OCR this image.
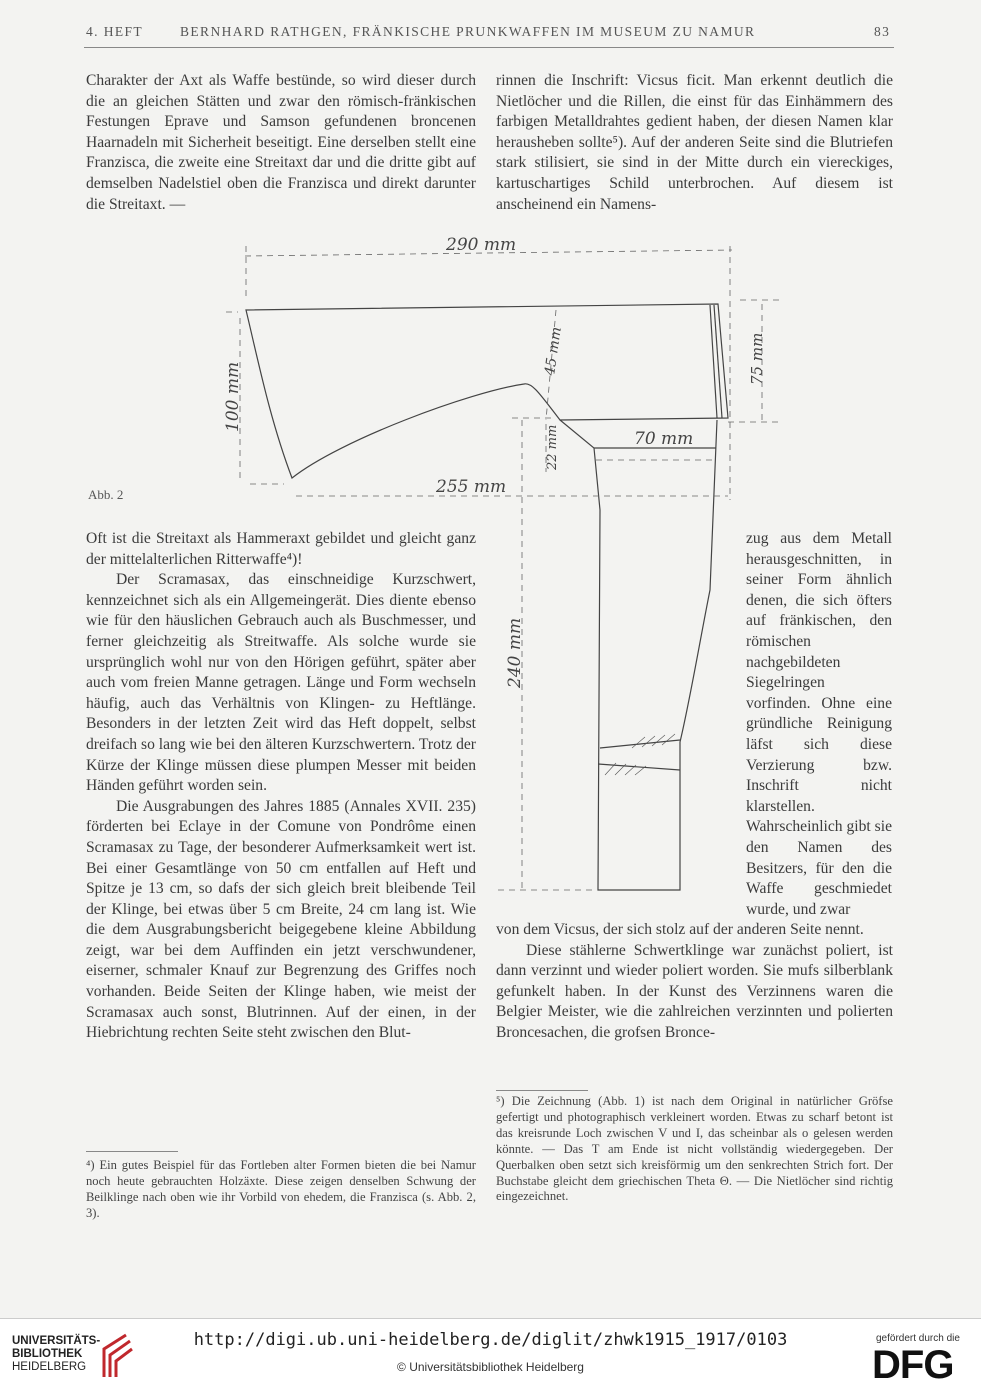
4. HEFT	BERNHARD RATHGEN, FRÄNKISCHE PRUNKWAFFEN IM MUSEUM ZU NAMUR	83

Charakter der Axt als Waffe bestünde, so wird dieser durch die an gleichen Stätten und zwar den römisch-fränkischen Festungen Eprave und Samson gefundenen broncenen Haarnadeln mit Sicherheit beseitigt. Eine derselben stellt eine Franzisca, die zweite eine Streitaxt dar und die dritte gibt auf demselben Nadelstiel oben die Franzisca und direkt darunter die Streitaxt. —

rinnen die Inschrift: Vicsus ficit. Man erkennt deutlich die Nietlöcher und die Rillen, die einst für das Einhämmern des farbigen Metalldrahtes gedient haben, der diesen Namen klar herausheben sollte⁵). Auf der anderen Seite sind die Blutriefen stark stilisiert, sie sind in der Mitte durch ein viereckiges, kartuschartiges Schild unterbrochen. Auf diesem ist anscheinend ein Namens-

290 mm
45 mm	75 mm
100 mm
22 mm	70 mm
255 mm
240 mm
Abb. 2

Oft ist die Streitaxt als Hammeraxt gebildet und gleicht ganz der mittelalterlichen Ritterwaffe⁴)!

Der Scramasax, das einschneidige Kurzschwert, kennzeichnet sich als ein Allgemeingerät. Dies diente ebenso wie für den häuslichen Gebrauch auch als Buschmesser, und ferner gleichzeitig als Streitwaffe. Als solche wurde sie ursprünglich wohl nur von den Hörigen geführt, später aber auch vom freien Manne getragen. Länge und Form wechseln häufig, auch das Verhältnis von Klingen- zu Heftlänge. Besonders in der letzten Zeit wird das Heft doppelt, selbst dreifach so lang wie bei den älteren Kurzschwertern. Trotz der Kürze der Klinge müssen diese plumpen Messer mit beiden Händen geführt worden sein.

Die Ausgrabungen des Jahres 1885 (Annales XVII. 235) förderten bei Eclaye in der Comune von Pondrôme einen Scramasax zu Tage, der besonderer Aufmerksamkeit wert ist. Bei einer Gesamtlänge von 50 cm entfallen auf Heft und Spitze je 13 cm, so dafs der sich gleich breit bleibende Teil der Klinge, bei etwas über 5 cm Breite, 24 cm lang ist. Wie die dem Ausgrabungsbericht beigegebene kleine Abbildung zeigt, war bei dem Auffinden ein jetzt verschwundener, eiserner, schmaler Knauf zur Begrenzung des Griffes noch vorhanden. Beide Seiten der Klinge haben, wie meist der Scramasax auch sonst, Blutrinnen. Auf der einen, in der Hiebrichtung rechten Seite steht zwischen den Blut-

zug aus dem Metall herausgeschnitten, in seiner Form ähnlich denen, die sich öfters auf fränkischen, den römischen nachgebildeten Siegelringen vorfinden. Ohne eine gründliche Reinigung läfst sich diese Verzierung bzw. Inschrift nicht klarstellen. Wahrscheinlich gibt sie den Namen des Besitzers, für den die Waffe geschmiedet wurde, und zwar

von dem Vicsus, der sich stolz auf der anderen Seite nennt.

Diese stählerne Schwertklinge war zunächst poliert, ist dann verzinnt und wieder poliert worden. Sie mufs silberblank gefunkelt haben. In der Kunst des Verzinnens waren die Belgier Meister, wie die zahlreichen verzinnten und polierten Broncesachen, die grofsen Bronce-

⁴) Ein gutes Beispiel für das Fortleben alter Formen bieten die bei Namur noch heute gebrauchten Holzäxte. Diese zeigen denselben Schwung der Beilklinge nach oben wie ihr Vorbild von ehedem, die Franzisca (s. Abb. 2, 3).

⁵) Die Zeichnung (Abb. 1) ist nach dem Original in natürlicher Gröfse gefertigt und photographisch verkleinert worden. Etwas zu scharf betont ist das kreisrunde Loch zwischen V und I, das scheinbar als o gelesen werden könnte. — Das T am Ende ist nicht vollständig wiedergegeben. Der Querbalken oben setzt sich kreisförmig um den senkrechten Strich fort. Der Buchstabe gleicht dem griechischen Theta Θ. — Die Nietlöcher sind richtig eingezeichnet.

UNIVERSITÄTS-
BIBLIOTHEK
HEIDELBERG
http://digi.ub.uni-heidelberg.de/diglit/zhwk1915_1917/0103
© Universitätsbibliothek Heidelberg
gefördert durch die
DFG
